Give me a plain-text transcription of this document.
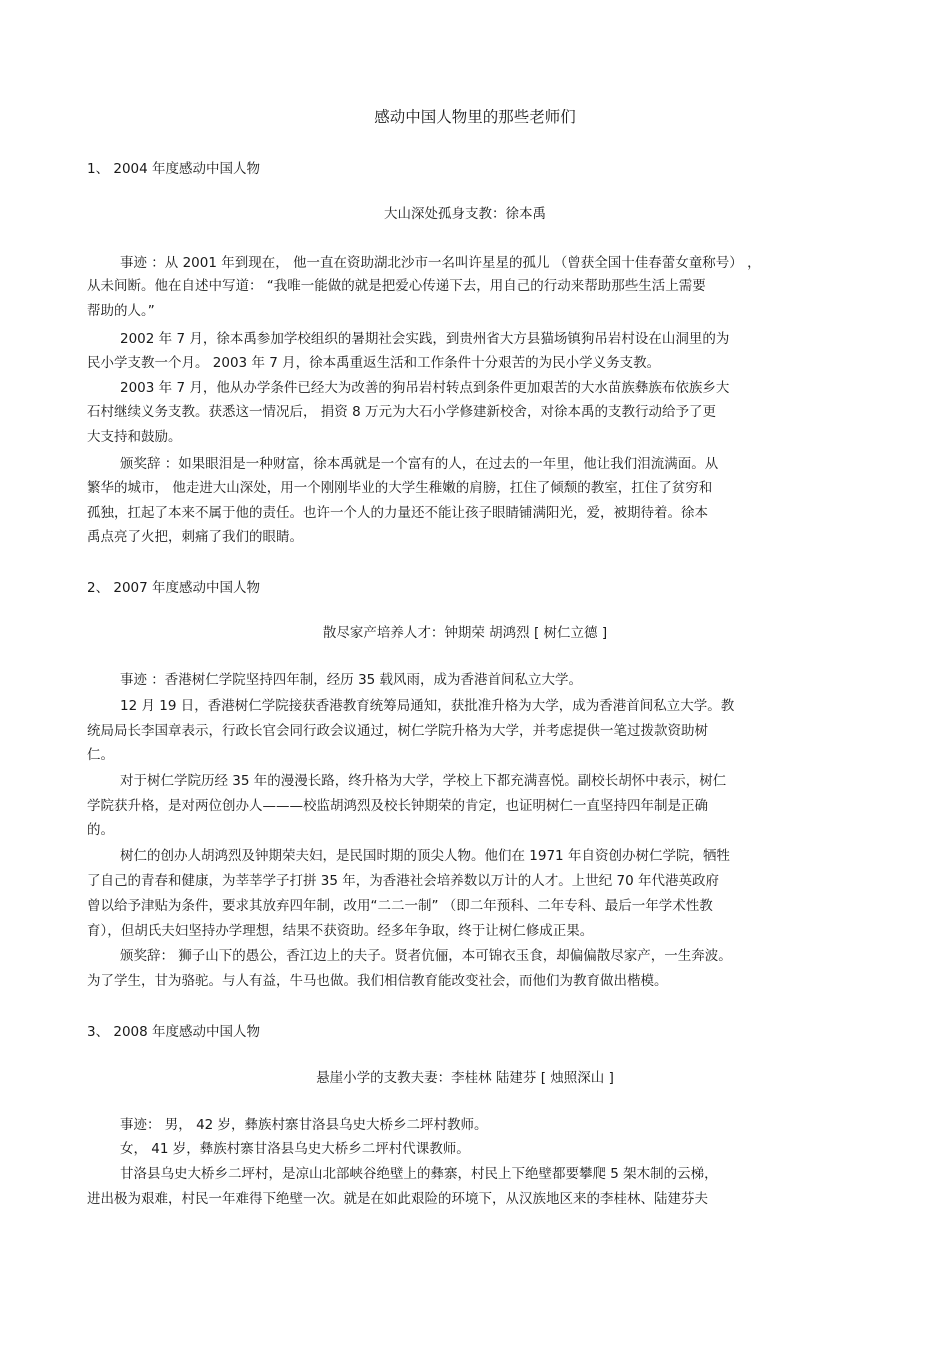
感动中国人物里的那些老师们
1、 2004 年度感动中国人物
大山深处孤身支教：徐本禹
事迹 ：从 2001 年到现在， 他一直在资助湖北沙市一名叫许星星的孤儿 （曾获全国十佳春蕾女童称号） ，
从未间断。他在自述中写道： “我唯一能做的就是把爱心传递下去，用自己的行动来帮助那些生活上需要
帮助的人。”
2002 年 7 月，徐本禹参加学校组织的暑期社会实践，到贵州省大方县猫场镇狗吊岩村设在山洞里的为
民小学支教一个月。 2003 年 7 月，徐本禹重返生活和工作条件十分艰苦的为民小学义务支教。
2003 年 7 月，他从办学条件已经大为改善的狗吊岩村转点到条件更加艰苦的大水苗族彝族布依族乡大
石村继续义务支教。获悉这一情况后， 捐资 8 万元为大石小学修建新校舍，对徐本禹的支教行动给予了更
大支持和鼓励。
颁奖辞 ：如果眼泪是一种财富，徐本禹就是一个富有的人，在过去的一年里，他让我们泪流满面。从
繁华的城市， 他走进大山深处，用一个刚刚毕业的大学生稚嫩的肩膀，扛住了倾颓的教室，扛住了贫穷和
孤独，扛起了本来不属于他的责任。也许一个人的力量还不能让孩子眼睛铺满阳光，爱，被期待着。徐本
禹点亮了火把，刺痛了我们的眼睛。
2、 2007 年度感动中国人物
散尽家产培养人才：钟期荣 胡鸿烈 [ 树仁立德 ]
事迹 ：香港树仁学院坚持四年制，经历 35 载风雨，成为香港首间私立大学。
12 月 19 日，香港树仁学院接获香港教育统筹局通知，获批准升格为大学，成为香港首间私立大学。教
统局局长李国章表示，行政长官会同行政会议通过，树仁学院升格为大学，并考虑提供一笔过拨款资助树
仁。
对于树仁学院历经 35 年的漫漫长路，终升格为大学，学校上下都充满喜悦。副校长胡怀中表示，树仁
学院获升格，是对两位创办人———校监胡鸿烈及校长钟期荣的肯定，也证明树仁一直坚持四年制是正确
的。
树仁的创办人胡鸿烈及钟期荣夫妇，是民国时期的顶尖人物。他们在 1971 年自资创办树仁学院，牺牲
了自己的青春和健康，为莘莘学子打拼 35 年，为香港社会培养数以万计的人才。上世纪 70 年代港英政府
曾以给予津贴为条件，要求其放弃四年制，改用“二二一制” （即二年预科、二年专科、最后一年学术性教
育），但胡氏夫妇坚持办学理想，结果不获资助。经多年争取，终于让树仁修成正果。
颁奖辞： 狮子山下的愚公，香江边上的夫子。贤者伉俪，本可锦衣玉食，却偏偏散尽家产，一生奔波。
为了学生，甘为骆驼。与人有益，牛马也做。我们相信教育能改变社会，而他们为教育做出楷模。
3、 2008 年度感动中国人物
悬崖小学的支教夫妻：李桂林 陆建芬 [ 烛照深山 ]
事迹： 男， 42 岁，彝族村寨甘洛县乌史大桥乡二坪村教师。
女， 41 岁，彝族村寨甘洛县乌史大桥乡二坪村代课教师。
甘洛县乌史大桥乡二坪村，是凉山北部峡谷绝壁上的彝寨，村民上下绝壁都要攀爬 5 架木制的云梯，
进出极为艰难，村民一年难得下绝壁一次。就是在如此艰险的环境下，从汉族地区来的李桂林、陆建芬夫
